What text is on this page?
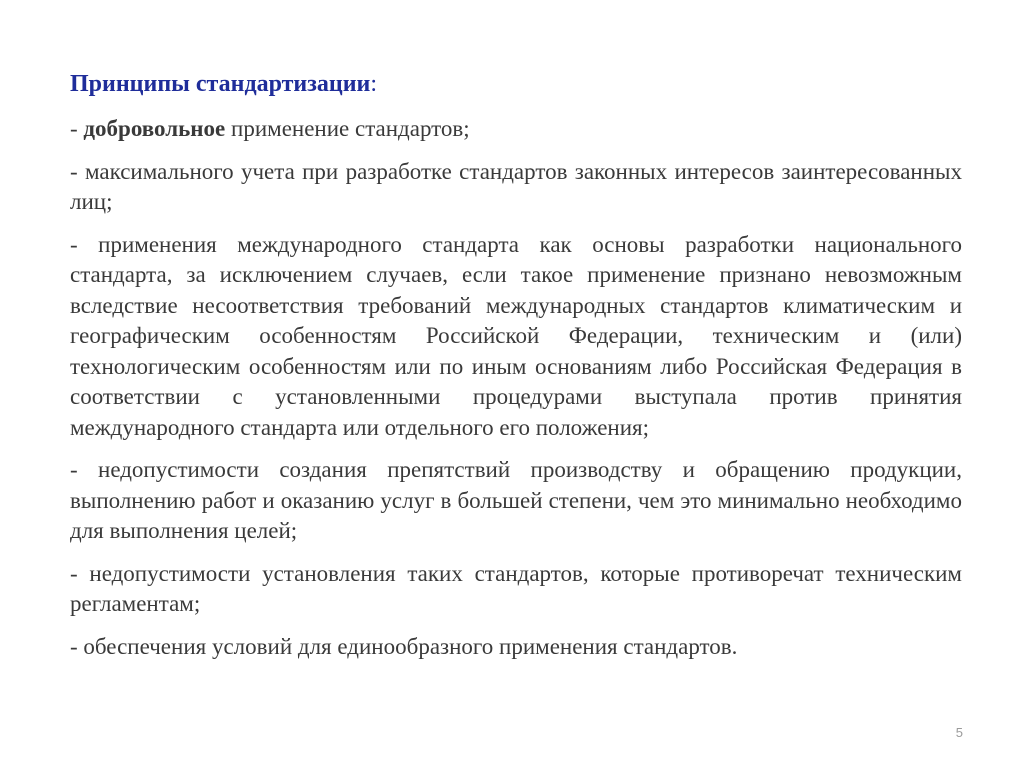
Принципы стандартизации:

- добровольное применение стандартов;

- максимального учета при разработке стандартов законных интересов заинтересованных лиц;

- применения международного стандарта как основы разработки национального стандарта, за исключением случаев, если такое применение признано невозможным вследствие несоответствия требований международных стандартов климатическим и географическим особенностям Российской Федерации, техническим и (или) технологическим особенностям или по иным основаниям либо Российская Федерация в соответствии с установленными процедурами выступала против принятия международного стандарта или отдельного его положения;

- недопустимости создания препятствий производству и обращению продукции, выполнению работ и оказанию услуг в большей степени, чем это минимально необходимо для выполнения целей;

- недопустимости установления таких стандартов, которые противоречат техническим регламентам;

- обеспечения условий для единообразного применения стандартов.

5
